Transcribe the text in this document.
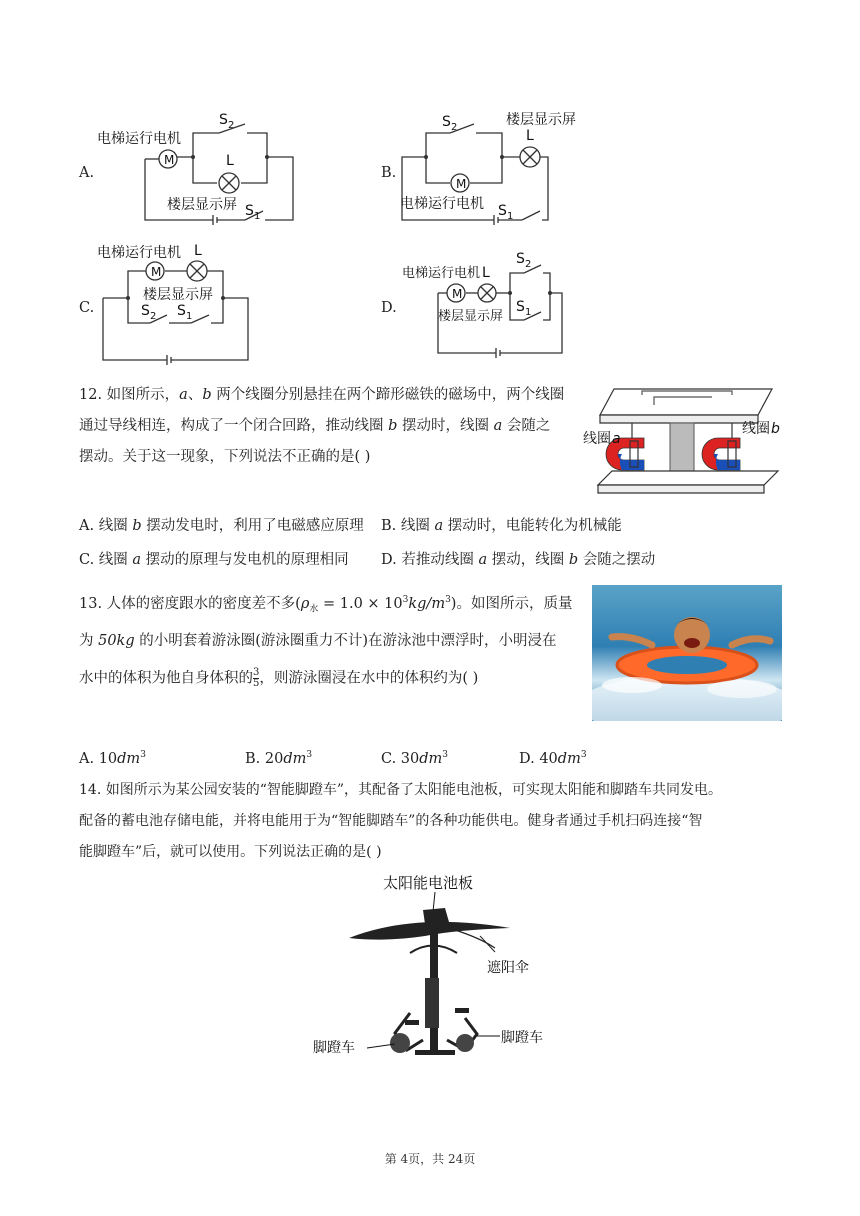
A.
M	L
S 2
S 1
电梯运行电机
楼层显示屏
B.
M
L
S 2
S 1
楼层显示屏
电梯运行电机
C.
M
L
S 2 S 1
电梯运行电机
楼层显示屏
D.
M
L
S 2
S 1
电梯运行电机
楼层显示屏
12. 如图所示，a、b 两个线圈分别悬挂在两个蹄形磁铁的磁场中，两个线圈
通过导线相连，构成了一个闭合回路，推动线圈 b 摆动时，线圈 a 会随之
摆动。关于这一现象，下列说法不正确的是( )
线圈 a
线圈 b
A. 线圈 b 摆动发电时，利用了电磁感应原理 B. 线圈 a 摆动时，电能转化为机械能
C. 线圈 a 摆动的原理与发电机的原理相同 D. 若推动线圈 a 摆动，线圈 b 会随之摆动
13. 人体的密度跟水的密度差不多$(\rho_水 = 1.0 \times 10^3kg/m^3)$。如图所示，质量
为 50kg 的小明套着游泳圈(游泳圈重力不计)在游泳池中漂浮时，小明浸在
水中的体积为他自身体积的 $\frac{3}{5}$ ，则游泳圈浸在水中的体积约为( )
A. $10dm^3$	B. $20dm^3$	C. $30dm^3$	D. $40dm^3$
14. 如图所示为某公园安装的“智能脚蹬车”，其配备了太阳能电池板，可实现太阳能和脚踏车共同发电。
配备的蓄电池存储电能，并将电能用于为“智能脚踏车”的各种功能供电。健身者通过手机扫码连接“智
能脚蹬车”后，就可以使用。下列说法正确的是( )
太阳能电池板
遮阳伞
脚蹬车
脚蹬车
第 4页，共 24页
